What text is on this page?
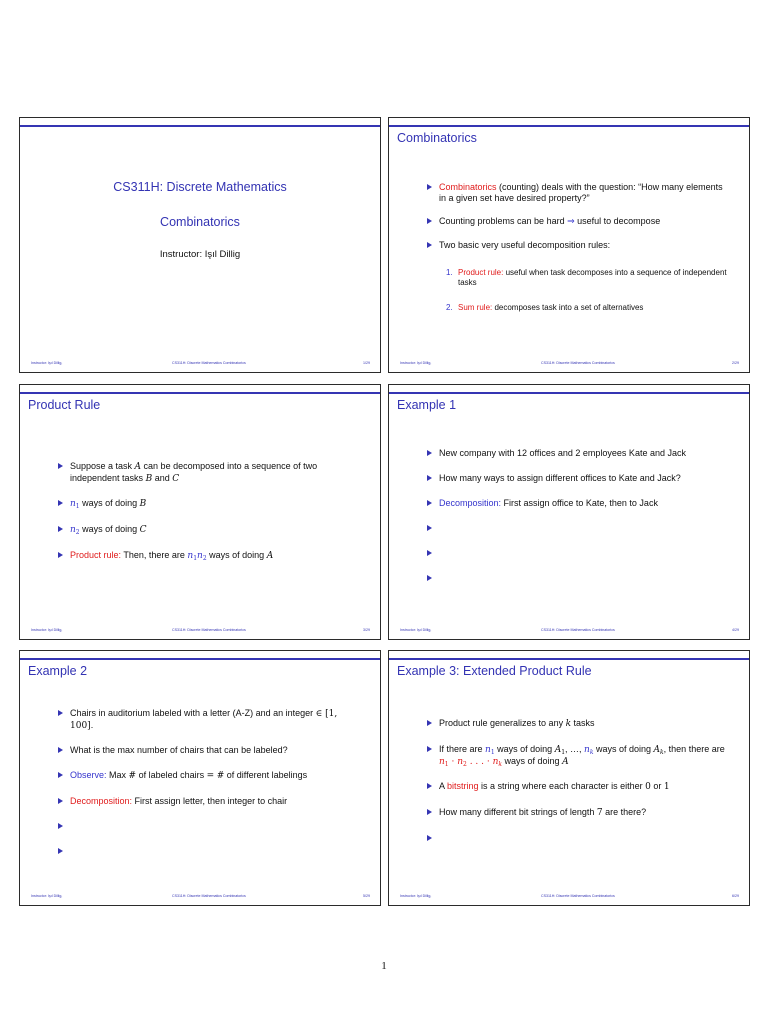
CS311H: Discrete Mathematics
Combinatorics
Instructor: Işıl Dillig
Instructor: Işıl Dillig,	CS311H: Discrete Mathematics Combinatorics	1/29
Combinatorics
Combinatorics (counting) deals with the question: “How many elements in a given set have desired property?”
Counting problems can be hard ⇒ useful to decompose
Two basic very useful decomposition rules:
1. Product rule: useful when task decomposes into a sequence of independent tasks
2. Sum rule: decomposes task into a set of alternatives
Instructor: Işıl Dillig,	CS311H: Discrete Mathematics Combinatorics	2/29
Product Rule
Suppose a task A can be decomposed into a sequence of two independent tasks B and C
$n_1$ ways of doing B
$n_2$ ways of doing C
Product rule: Then, there are $n_1n_2$ ways of doing A
Instructor: Işıl Dillig,	CS311H: Discrete Mathematics Combinatorics	3/29
Example 1
New company with 12 offices and 2 employees Kate and Jack
How many ways to assign different offices to Kate and Jack?
Decomposition: First assign office to Kate, then to Jack
Instructor: Işıl Dillig,	CS311H: Discrete Mathematics Combinatorics	4/29
Example 2
Chairs in auditorium labeled with a letter (A-Z) and an integer ∈ [1, 100].
What is the max number of chairs that can be labeled?
Observe: Max # of labeled chairs = # of different labelings
Decomposition: First assign letter, then integer to chair
Instructor: Işıl Dillig,	CS311H: Discrete Mathematics Combinatorics	5/29
Example 3: Extended Product Rule
Product rule generalizes to any k tasks
If there are $n_1$ ways of doing $A_1$, …, $n_k$ ways of doing $A_k$, then there are $n_1 \cdot n_2$ . . . · $n_k$ ways of doing A
A bitstring is a string where each character is either 0 or 1
How many different bit strings of length 7 are there?
Instructor: Işıl Dillig,	CS311H: Discrete Mathematics Combinatorics	6/29
1
